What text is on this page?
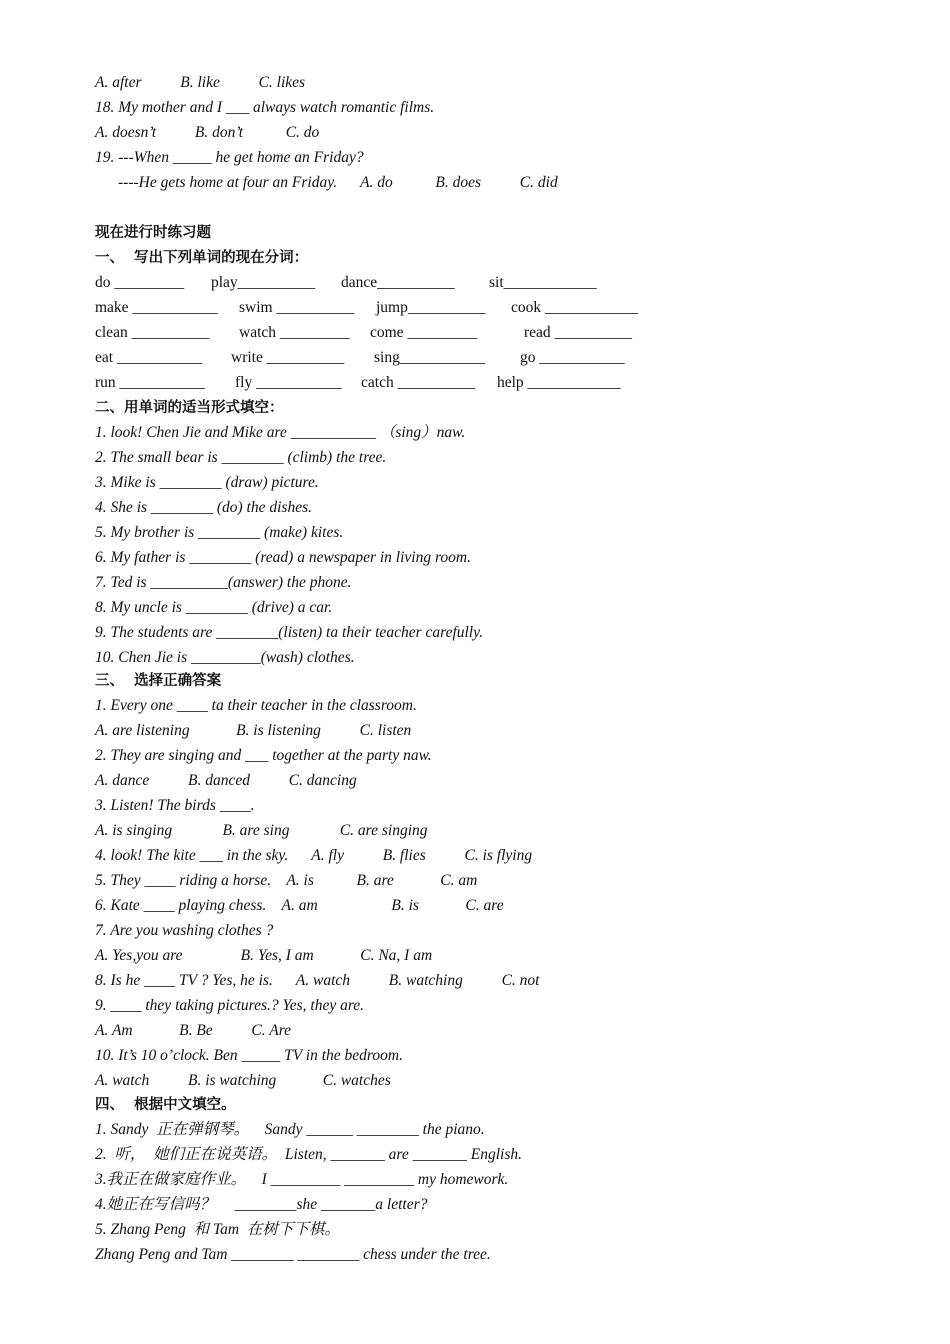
A. after          B. like          C. likes
18. My mother and I ___ always watch romantic films.
A. doesn’t          B. don’t           C. do
19. ---When _____ he get home an Friday?
----He gets home at four an Friday.      A. do           B. does          C. did
现在进行时练习题
一、  写出下列单词的现在分词：
do _________ play__________ dance__________ sit____________
make ___________ swim __________ jump__________ cook ____________
clean __________ watch _________ come _________	read __________
eat ___________ write __________ sing___________ go ___________
run ___________ fly ___________ catch __________ help ____________
二、用单词的适当形式填空：
1. look! Chen Jie and Mike are ___________ （sing）naw.
2. The small bear is ________ (climb) the tree.
3. Mike is ________ (draw) picture.
4. She is ________ (do) the dishes.
5. My brother is ________ (make) kites.
6. My father is ________ (read) a newspaper in living room.
7. Ted is __________(answer) the phone.
8. My uncle is ________ (drive) a car.
9. The students are ________(listen) ta their teacher carefully.
10. Chen Jie is _________(wash) clothes.
三、  选择正确答案
1. Every one ____ ta their teacher in the classroom.
A. are listening            B. is listening          C. listen
2. They are singing and ___ together at the party naw.
A. dance          B. danced          C. dancing
3. Listen! The birds ____.
A. is singing             B. are sing             C. are singing
4. look! The kite ___ in the sky.      A. fly          B. flies          C. is flying
5. They ____ riding a horse.    A. is           B. are            C. am
6. Kate ____ playing chess.    A. am                   B. is            C. are
7. Are you washing clothes ?
A. Yes,you are               B. Yes, I am            C. Na, I am
8. Is he ____ TV ? Yes, he is.      A. watch          B. watching          C. not
9. ____ they taking pictures.? Yes, they are.
A. Am            B. Be          C. Are
10. It’s 10 o’clock. Ben _____ TV in the bedroom.
A. watch          B. is watching            C. watches
四、  根据中文填空。
1. Sandy  正在弹钢琴。    Sandy ______ ________ the piano.
2.  听，  她们正在说英语。  Listen, _______ are _______ English.
3.我正在做家庭作业。    I _________ _________ my homework.
4.她正在写信吗？     ________she _______a letter?
5. Zhang Peng  和 Tam  在树下下棋。
Zhang Peng and Tam ________ ________ chess under the tree.
